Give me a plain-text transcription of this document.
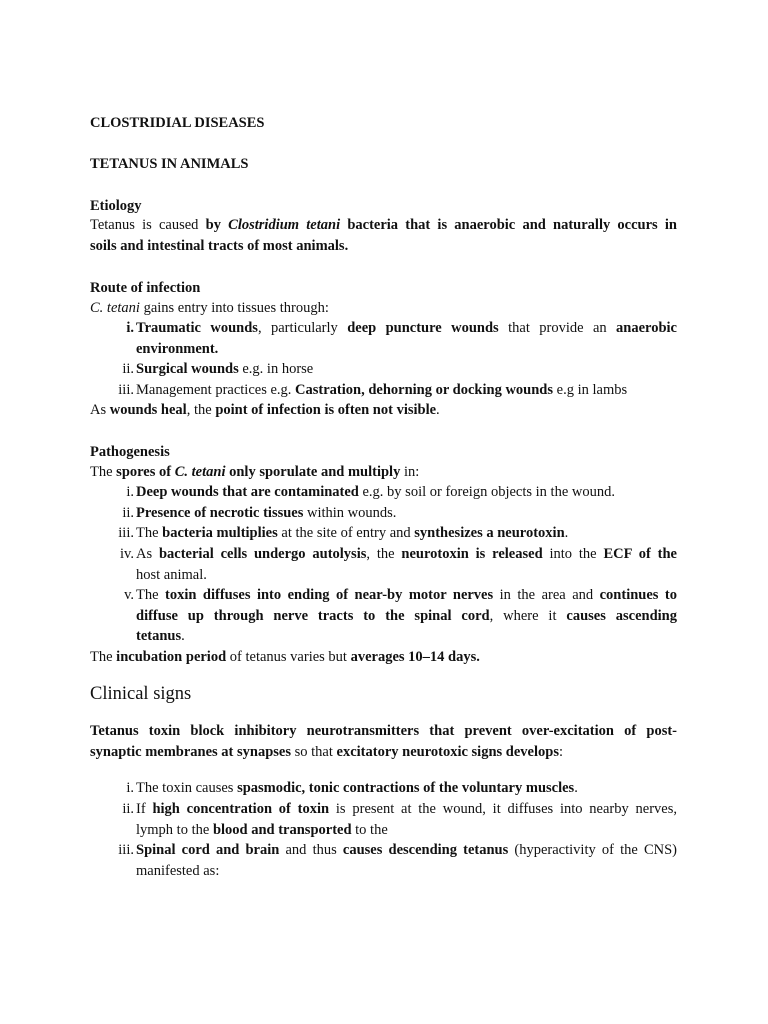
CLOSTRIDIAL DISEASES
TETANUS IN ANIMALS
Etiology
Tetanus is caused by Clostridium tetani bacteria that is anaerobic and naturally occurs in
soils and intestinal tracts of most animals.
Route of infection
C. tetani gains entry into tissues through:
i. Traumatic wounds, particularly deep puncture wounds that provide an anaerobic
environment.
ii. Surgical wounds e.g. in horse
iii. Management practices e.g. Castration, dehorning or docking wounds e.g in lambs
As wounds heal, the point of infection is often not visible.
Pathogenesis
The spores of C. tetani only sporulate and multiply in:
i. Deep wounds that are contaminated e.g. by soil or foreign objects in the wound.
ii. Presence of necrotic tissues within wounds.
iii. The bacteria multiplies at the site of entry and synthesizes a neurotoxin.
iv. As bacterial cells undergo autolysis, the neurotoxin is released into the ECF of the
host animal.
v. The toxin diffuses into ending of near-by motor nerves in the area and continues to
diffuse up through nerve tracts to the spinal cord, where it causes ascending
tetanus.
The incubation period of tetanus varies but averages 10–14 days.
Clinical signs
Tetanus toxin block inhibitory neurotransmitters that prevent over-excitation of post-
synaptic membranes at synapses so that excitatory neurotoxic signs develops:
i. The toxin causes spasmodic, tonic contractions of the voluntary muscles.
ii. If high concentration of toxin is present at the wound, it diffuses into nearby nerves,
lymph to the blood and transported to the
iii. Spinal cord and brain and thus causes descending tetanus (hyperactivity of the CNS)
manifested as:
